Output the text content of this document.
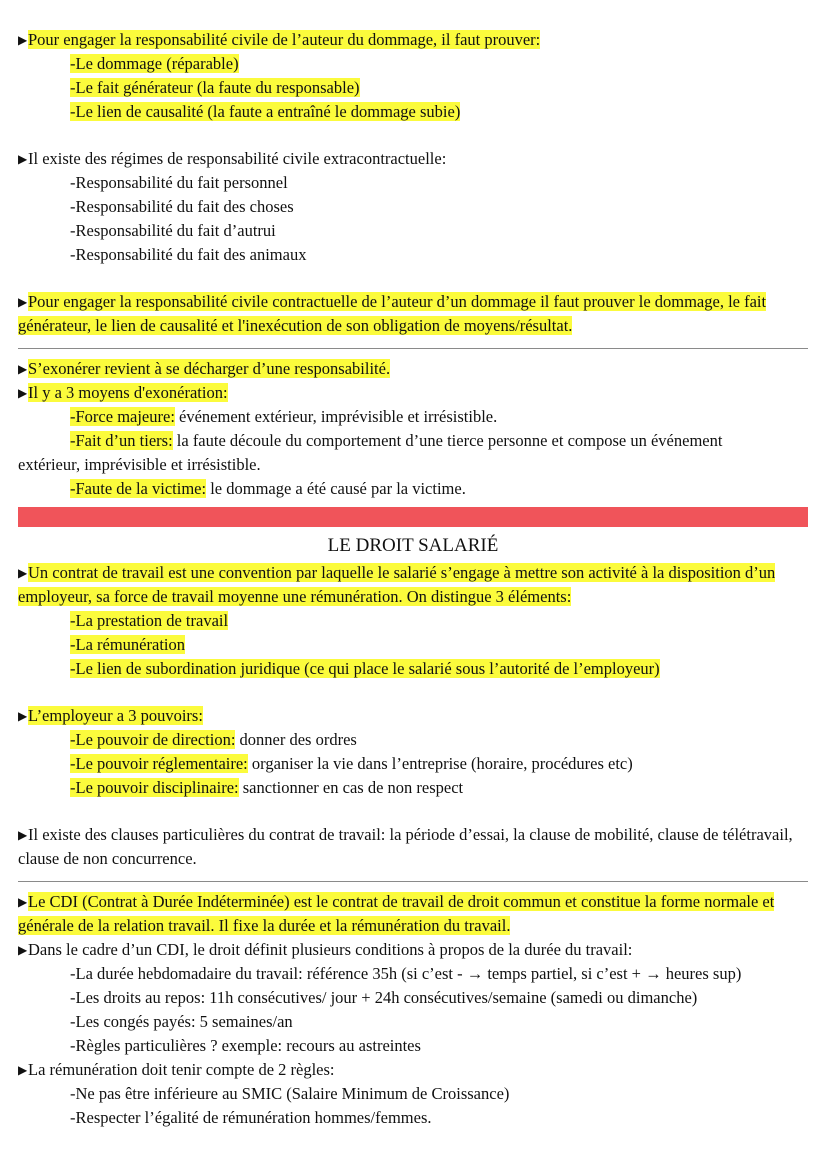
▶Pour engager la responsabilité civile de l’auteur du dommage, il faut prouver:
-Le dommage (réparable)
-Le fait générateur (la faute du responsable)
-Le lien de causalité (la faute a entraîné le dommage subie)
▶Il existe des régimes de responsabilité civile extracontractuelle:
-Responsabilité du fait personnel
-Responsabilité du fait des choses
-Responsabilité du fait d’autrui
-Responsabilité du fait des animaux
▶Pour engager la responsabilité civile contractuelle de l’auteur d’un dommage il faut prouver le dommage, le fait générateur, le lien de causalité et l'inexécution de son obligation de moyens/résultat.
▶S’exonérer revient à se décharger d’une responsabilité.
▶Il y a 3 moyens d'exonération:
-Force majeure: événement extérieur, imprévisible et irrésistible.
-Fait d’un tiers: la faute découle du comportement d’une tierce personne et compose un événement
extérieur, imprévisible et irrésistible.
-Faute de la victime: le dommage a été causé par la victime.
LE DROIT SALARIÉ
▶Un contrat de travail est une convention par laquelle le salarié s’engage à mettre son activité à la disposition d’un employeur, sa force de travail moyenne une rémunération. On distingue 3 éléments:
-La prestation de travail
-La rémunération
-Le lien de subordination juridique (ce qui place le salarié sous l’autorité de l’employeur)
▶L’employeur a 3 pouvoirs:
-Le pouvoir de direction: donner des ordres
-Le pouvoir réglementaire: organiser la vie dans l’entreprise (horaire, procédures etc)
-Le pouvoir disciplinaire: sanctionner en cas de non respect
▶Il existe des clauses particulières du contrat de travail: la période d’essai, la clause de mobilité, clause de télétravail, clause de non concurrence.
▶Le CDI (Contrat à Durée Indéterminée) est le contrat de travail de droit commun et constitue la forme normale et générale de la relation travail. Il fixe la durée et la rémunération du travail.
▶Dans le cadre d’un CDI, le droit définit plusieurs conditions à propos de la durée du travail:
-La durée hebdomadaire du travail: référence 35h (si c’est - → temps partiel, si c’est + → heures sup)
-Les droits au repos: 11h consécutives/ jour + 24h consécutives/semaine (samedi ou dimanche)
-Les congés payés: 5 semaines/an
-Règles particulières ? exemple: recours au astreintes
▶La rémunération doit tenir compte de 2 règles:
-Ne pas être inférieure au SMIC (Salaire Minimum de Croissance)
-Respecter l’égalité de rémunération hommes/femmes.
